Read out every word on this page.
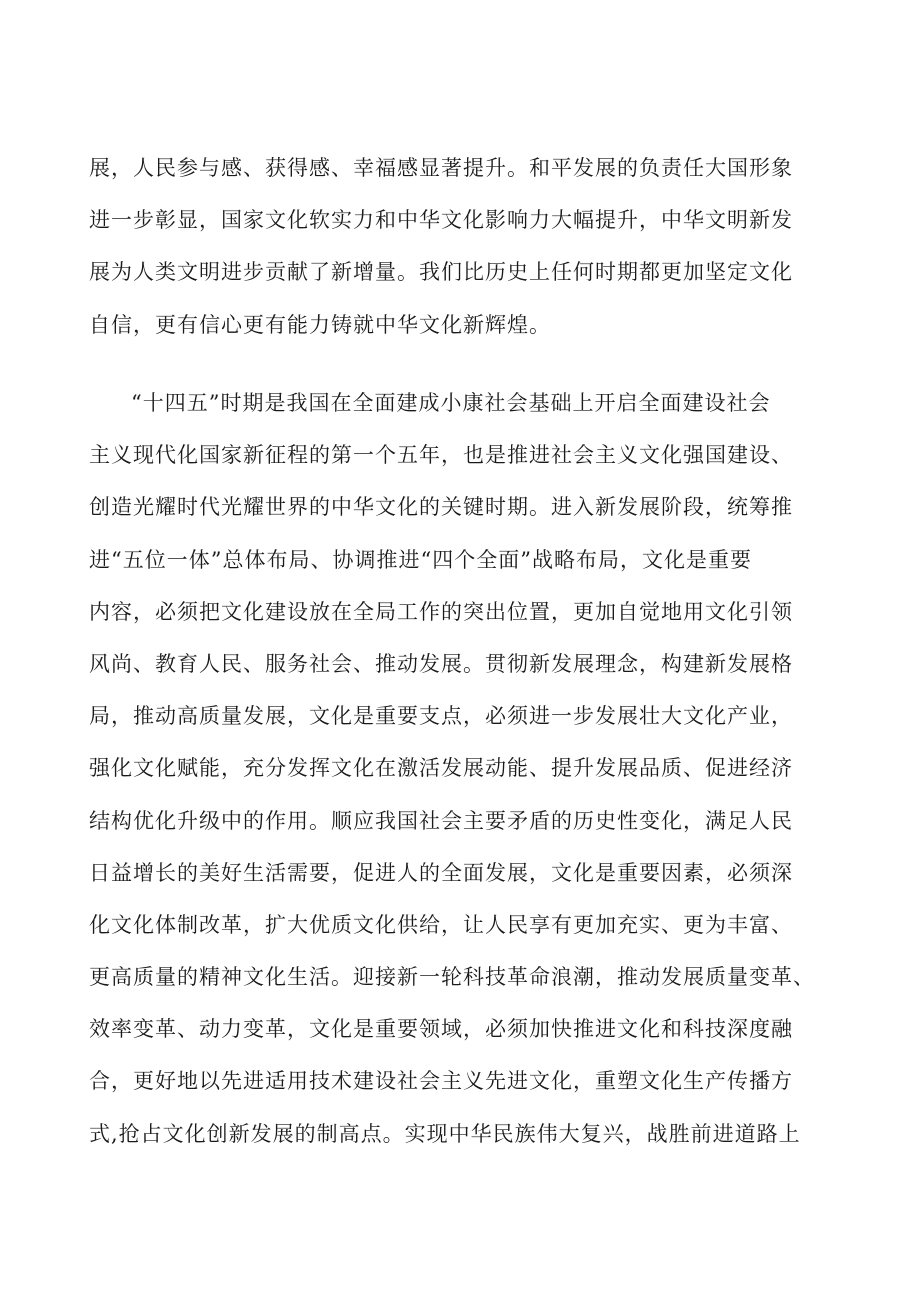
展，人民参与感、获得感、幸福感显著提升。和平发展的负责任大国形象
进一步彰显，国家文化软实力和中华文化影响力大幅提升，中华文明新发
展为人类文明进步贡献了新增量。我们比历史上任何时期都更加坚定文化
自信，更有信心更有能力铸就中华文化新辉煌。
“十四五”时期是我国在全面建成小康社会基础上开启全面建设社会
主义现代化国家新征程的第一个五年，也是推进社会主义文化强国建设、
创造光耀时代光耀世界的中华文化的关键时期。进入新发展阶段，统筹推
进“五位一体”总体布局、协调推进“四个全面”战略布局，文化是重要
内容，必须把文化建设放在全局工作的突出位置，更加自觉地用文化引领
风尚、教育人民、服务社会、推动发展。贯彻新发展理念，构建新发展格
局，推动高质量发展，文化是重要支点，必须进一步发展壮大文化产业，
强化文化赋能，充分发挥文化在激活发展动能、提升发展品质、促进经济
结构优化升级中的作用。顺应我国社会主要矛盾的历史性变化，满足人民
日益增长的美好生活需要，促进人的全面发展，文化是重要因素，必须深
化文化体制改革，扩大优质文化供给，让人民享有更加充实、更为丰富、
更高质量的精神文化生活。迎接新一轮科技革命浪潮，推动发展质量变革、
效率变革、动力变革，文化是重要领域，必须加快推进文化和科技深度融
合，更好地以先进适用技术建设社会主义先进文化，重塑文化生产传播方
式,抢占文化创新发展的制高点。实现中华民族伟大复兴，战胜前进道路上
